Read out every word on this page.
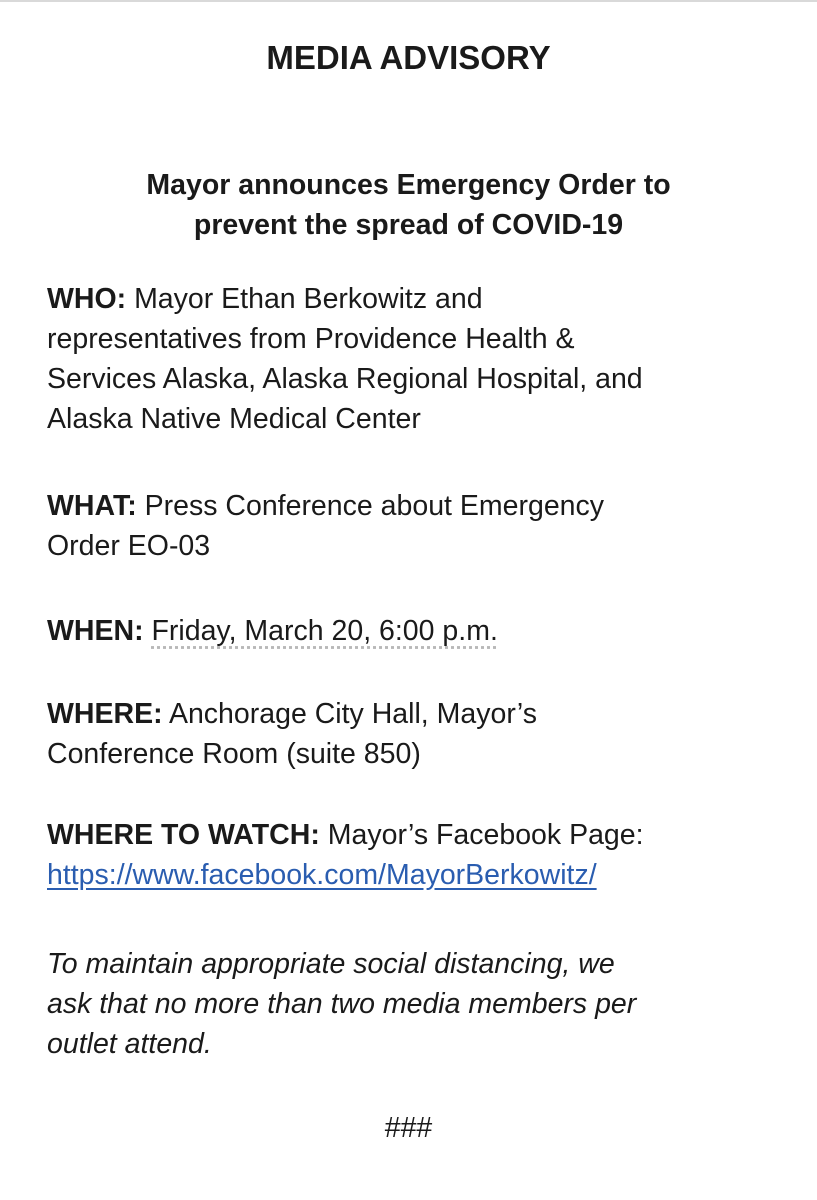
MEDIA ADVISORY
Mayor announces Emergency Order to
prevent the spread of COVID-19
WHO: Mayor Ethan Berkowitz and
representatives from Providence Health &
Services Alaska, Alaska Regional Hospital, and
Alaska Native Medical Center
WHAT: Press Conference about Emergency
Order EO-03
WHEN: Friday, March 20, 6:00 p.m.
WHERE: Anchorage City Hall, Mayor’s
Conference Room (suite 850)
WHERE TO WATCH: Mayor’s Facebook Page:
https://www.facebook.com/MayorBerkowitz/
To maintain appropriate social distancing, we
ask that no more than two media members per
outlet attend.
###
